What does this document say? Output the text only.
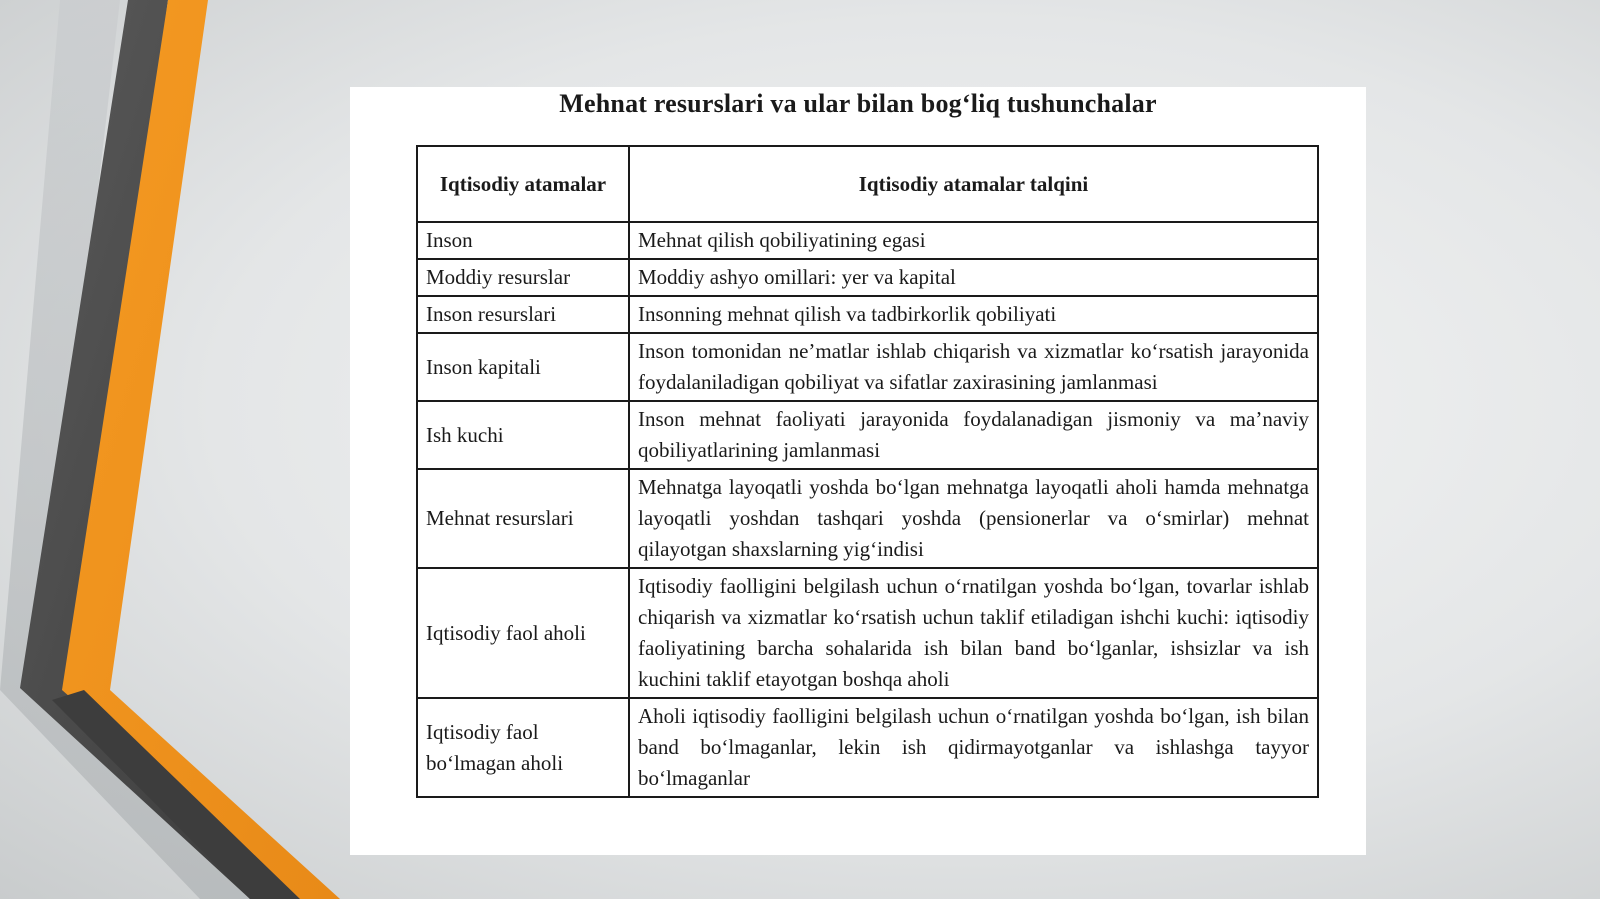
Mehnat resurslari va ular bilan bog‘liq tushunchalar
Iqtisodiy atamalar	Iqtisodiy atamalar talqini
Inson	Mehnat qilish qobiliyatining egasi
Moddiy resurslar	Moddiy ashyo omillari: yer va kapital
Inson resurslari	Insonning mehnat qilish va tadbirkorlik qobiliyati
Inson kapitali	Inson tomonidan ne’matlar ishlab chiqarish va xizmatlar ko‘rsatish jarayonida foydalaniladigan qobiliyat va sifatlar zaxirasining jamlanmasi
Ish kuchi	Inson mehnat faoliyati jarayonida foydalanadigan jismoniy va ma’naviy qobiliyatlarining jamlanmasi
Mehnat resurslari	Mehnatga layoqatli yoshda bo‘lgan mehnatga layoqatli aholi hamda mehnatga layoqatli yoshdan tashqari yoshda (pensionerlar va o‘smirlar) mehnat qilayotgan shaxslarning yig‘indisi
Iqtisodiy faol aholi	Iqtisodiy faolligini belgilash uchun o‘rnatilgan yoshda bo‘lgan, tovarlar ishlab chiqarish va xizmatlar ko‘rsatish uchun taklif etiladigan ishchi kuchi: iqtisodiy faoliyatining barcha sohalarida ish bilan band bo‘lganlar, ishsizlar va ish kuchini taklif etayotgan boshqa aholi
Iqtisodiy faol bo‘lmagan aholi	Aholi iqtisodiy faolligini belgilash uchun o‘rnatilgan yoshda bo‘lgan, ish bilan band bo‘lmaganlar, lekin ish qidirmayotganlar va ishlashga tayyor bo‘lmaganlar
